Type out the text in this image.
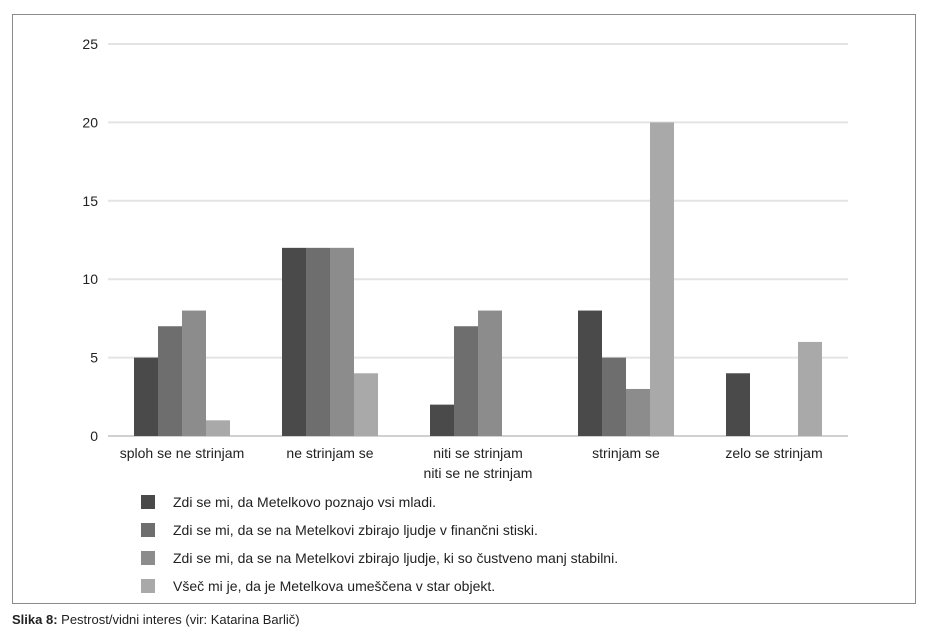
0
5
10
15
20
25
sploh se ne strinjam	ne strinjam se	niti se strinjam
niti se ne strinjam
strinjam se	zelo se strinjam
Zdi se mi, da Metelkovo poznajo vsi mladi.
Zdi se mi, da se na Metelkovi zbirajo ljudje v finančni stiski.
Zdi se mi, da se na Metelkovi zbirajo ljudje, ki so čustveno manj stabilni.
Všeč mi je, da je Metelkova umeščena v star objekt.
Slika 8: Pestrost/vidni interes (vir: Katarina Barlič)
